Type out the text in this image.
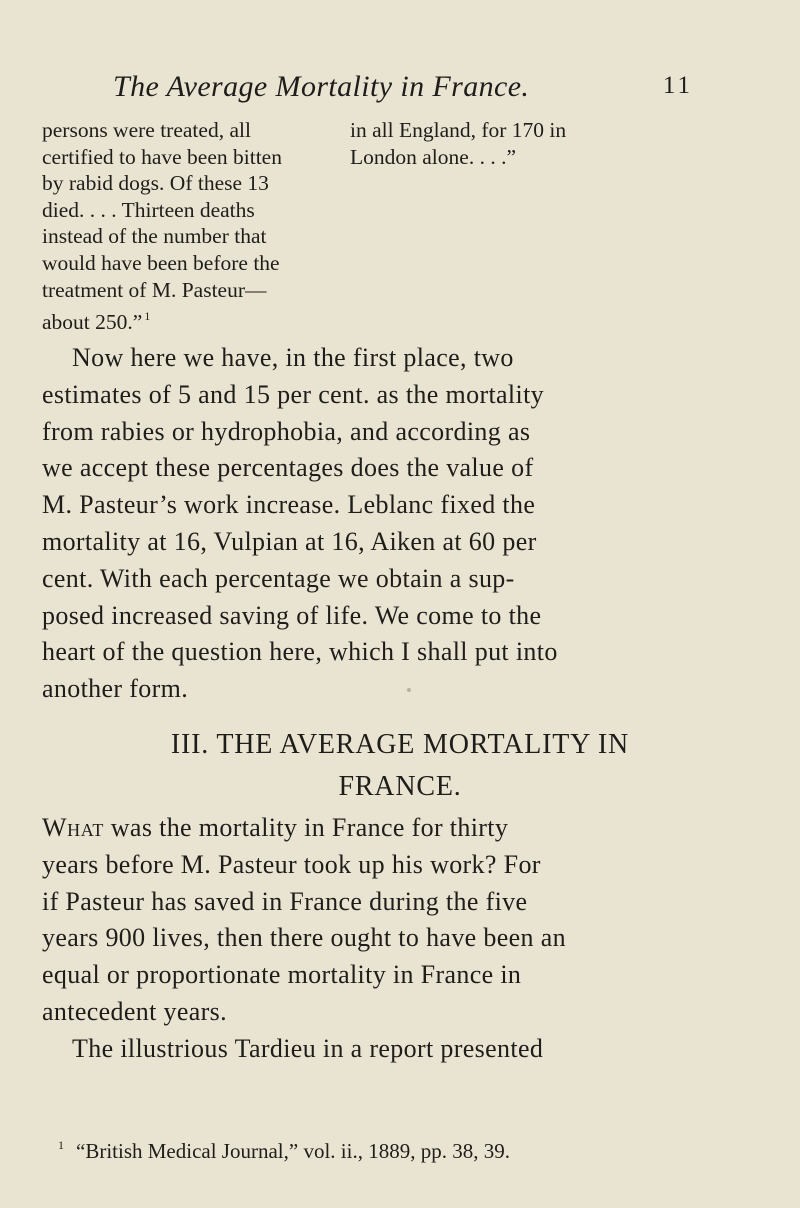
The Average Mortality in France.	11
persons were treated, all
certified to have been bitten
by rabid dogs. Of these 13
died. . . . Thirteen deaths
instead of the number that
would have been before the
treatment of M. Pasteur—
about 250.” $^1$
in all England, for 170 in
London alone. . . .”
Now here we have, in the first place, two
estimates of 5 and 15 per cent. as the mortality
from rabies or hydrophobia, and according as
we accept these percentages does the value of
M. Pasteur’s work increase. Leblanc fixed the
mortality at 16, Vulpian at 16, Aiken at 60 per
cent. With each percentage we obtain a sup-
posed increased saving of life. We come to the
heart of the question here, which I shall put into
another form.
III. THE AVERAGE MORTALITY IN
FRANCE.
What was the mortality in France for thirty
years before M. Pasteur took up his work? For
if Pasteur has saved in France during the five
years 900 lives, then there ought to have been an
equal or proportionate mortality in France in
antecedent years.
The illustrious Tardieu in a report presented
$^1$ “British Medical Journal,” vol. ii., 1889, pp. 38, 39.
